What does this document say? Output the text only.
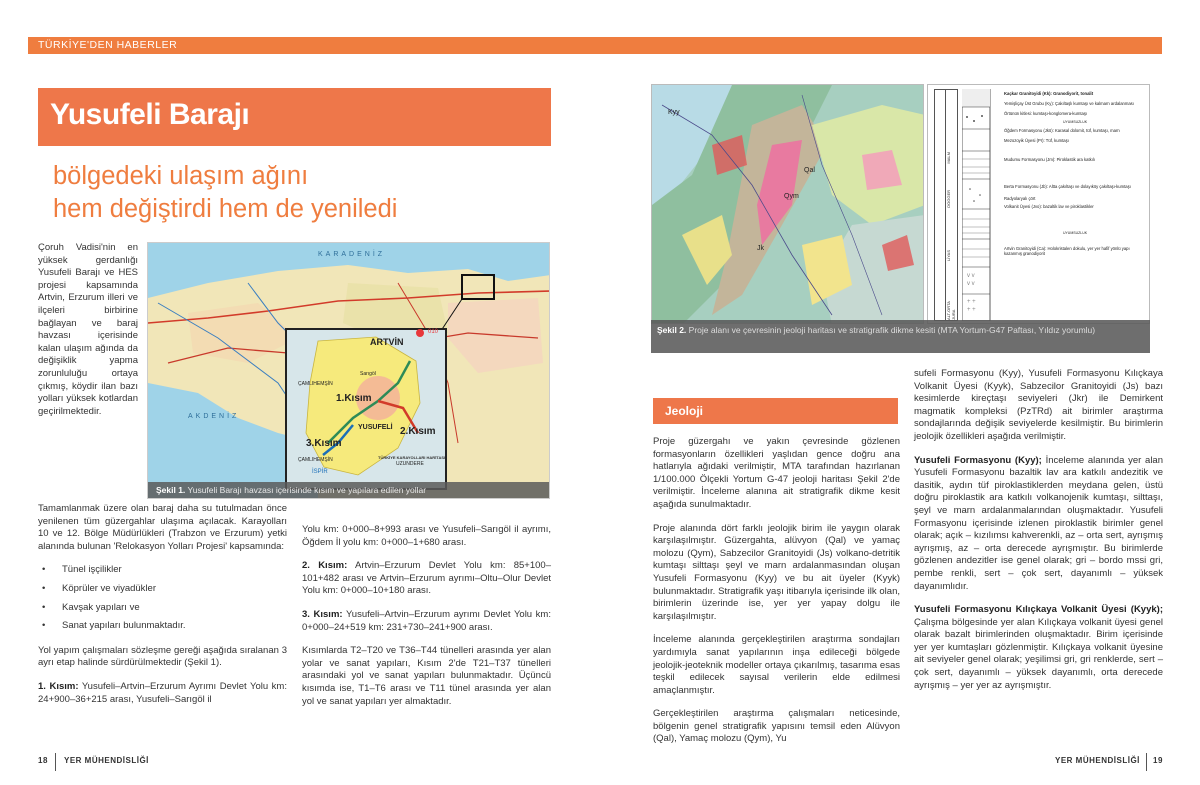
TÜRKİYE'DEN HABERLER
Yusufeli Barajı
bölgedeki ulaşım ağını
hem değiştirdi hem de yeniledi

Çoruh Vadisi'nin en yüksek gerdanlığı Yusufeli Barajı ve HES projesi kapsamında Artvin, Erzurum illeri ve ilçeleri birbirine bağlayan ve baraj havzası içerisinde kalan ulaşım ağında da değişiklik yapma zorunluluğu ortaya çıkmış, köydir ilan bazı yolları yüksek kotlardan geçirilmektedir.

KARADENİZ
AKDENİZ
ARTVİN
010
ÇAMLIHEMŞİN
Sarıgöl
YUSUFELİ
ÇAMLIHEMŞİN
UZUNDERE
İSPİR
1.Kısım
2.Kısım
3.Kısım
TÜRKİYE KARAYOLLARI HARİTASI
Şekil 1. Yusufeli Barajı havzası içerisinde kısım ve yapılara edilen yollar

Tamamlanmak üzere olan baraj daha su tutulmadan önce yenilenen tüm güzergahlar ulaşıma açılacak. Karayolları 10 ve 12. Bölge Müdürlükleri (Trabzon ve Erzurum) yetki alanında bulunan 'Relokasyon Yolları Projesi' kapsamında:

• Tünel işçilikler
• Köprüler ve viyadükler
• Kavşak yapıları ve
• Sanat yapıları bulunmaktadır.

Yol yapım çalışmaları sözleşme gereği aşağıda sıralanan 3 ayrı etap halinde sürdürülmektedir (Şekil 1).

1. Kısım: Yusufeli–Artvin–Erzurum Ayrımı Devlet Yolu km: 24+900–36+215 arası, Yusufeli–Sarıgöl il

Yolu km: 0+000–8+993 arası ve Yusufeli–Sarıgöl il ayrımı, Öğdem İl yolu km: 0+000–1+680 arası.

2. Kısım: Artvin–Erzurum Devlet Yolu km: 85+100–101+482 arası ve Artvin–Erzurum ayrımı–Oltu–Olur Devlet Yolu km: 0+000–10+180 arası.

3. Kısım: Yusufeli–Artvin–Erzurum ayrımı Devlet Yolu km: 0+000–24+519 km: 231+730–241+900 arası.

Kısımlarda T2–T20 ve T36–T44 tünelleri arasında yer alan yolar ve sanat yapıları, Kısım 2'de T21–T37 tünelleri arasındaki yol ve sanat yapıları bulunmaktadır. Üçüncü kısımda ise, T1–T6 arası ve T11 tünel arasında yer alan yol ve sanat yapıları yer almaktadır.

18 YER MÜHENDİSLİĞİ
Kyy
Qal
Qym
Jk
MALM
DOGGER
LİYAS
ALT-ORTA JURA	+ +
+ +
v v
v v
Kaçkar Granitoyidi (Kk): Granodiyorit, tonalit
Yemişliçay Üst Grubu (Ky): Çakıltaşlı kumtaşı ve kalmarn ardalanması
Örtünün kitlesi: kumtaşı-konglomera-kumtaşı
UYUMSUZLUK
Öğdem Formasyonu (Jkö): Karasal dolomit, tüf, kumtaşı, marn
Mezozoyik Üyesi (Pr): Tüf, kumtaşı
Mudumu Formasyonu (Jm): Piroklastik ara katkılı
Berta Formasyonu (Jb): Altta çakıltaşı ve dolayıköy çakıltaşı-kumtaşı
Radyolaryalı çört
Volkanit Üyesi (Jvo): bazaltik lav ve piroklastikler
UYUMSUZLUK
Artvin Granitoyidi (Ca): Holokristalen dokulu, yer yer hafif yönlü yapı kazanmış granodiyorit
Şekil 2. Proje alanı ve çevresinin jeoloji haritası ve stratigrafik dikme kesiti (MTA Yortum-G47 Paftası, Yıldız yorumlu)
Jeoloji

Proje güzergahı ve yakın çevresinde gözlenen formasyonların özellikleri yaşlıdan gence doğru ana hatlarıyla ağıdaki verilmiştir, MTA tarafından hazırlanan 1/100.000 Ölçekli Yortum G-47 jeoloji haritası Şekil 2'de verilmiştir. İnceleme alanına ait stratigrafik dikme kesit aşağıda sunulmaktadır.

Proje alanında dört farklı jeolojik birim ile yaygın olarak karşılaşılmıştır. Güzergahta, alüvyon (Qal) ve yamaç molozu (Qym), Sabzecilor Granitoyidi (Js) volkano-detritik kumtaşı silttaşı şeyl ve marn ardalanmasından oluşan Yusufeli Formasyonu (Kyy) ve bu ait üyeler (Kyyk) bulunmaktadır. Stratigrafik yaşı itibarıyla içerisinde ilk olan, birimlerin üzerinde ise, yer yer yapay dolgu ile karşılaşılmıştır.

İnceleme alanında gerçekleştirilen araştırma sondajları yardımıyla sanat yapılarının inşa edileceği bölgede jeolojik-jeoteknik modeller ortaya çıkarılmış, tasarıma esas teşkil edilecek sayısal verilerin elde edilmesi amaçlanmıştır.

Gerçekleştirilen araştırma çalışmaları neticesinde, bölgenin genel stratigrafik yapısını temsil eden Alüvyon (Qal), Yamaç molozu (Qym), Yu

sufeli Formasyonu (Kyy), Yusufeli Formasyonu Kılıçkaya Volkanit Üyesi (Kyyk), Sabzecilor Granitoyidi (Js) bazı kesimlerde kireçtaşı seviyeleri (Jkr) ile Demirkent magmatik kompleksi (PzTRd) ait birimler araştırma sondajlarında değişik seviyelerde kesilmiştir. Bu birimlerin jeolojik özellikleri aşağıda verilmiştir.

Yusufeli Formasyonu (Kyy); İnceleme alanında yer alan Yusufeli Formasyonu bazaltik lav ara katkılı andezitik ve dasitik, aydın tüf piroklastiklerden meydana gelen, üstü doğru piroklastik ara katkılı volkanojenik kumtaşı, silttaşı, şeyl ve marn ardalanmalarından oluşmaktadır. Yusufeli Formasyonu içerisinde izlenen piroklastik birimler genel olarak; açık – kızılımsı kahverenkli, az – orta sert, ayrışmış ayrışmış, az – orta derecede ayrışmıştır. Bu birimlerde gözlenen andezitler ise genel olarak; gri – bordo mssi gri, pembe renkli, sert – çok sert, dayanımlı – yüksek dayanımlıdır.

Yusufeli Formasyonu Kılıçkaya Volkanit Üyesi (Kyyk); Çalışma bölgesinde yer alan Kılıçkaya volkanit üyesi genel olarak bazalt birimlerinden oluşmaktadır. Birim içerisinde yer yer kumtaşları gözlenmiştir. Kılıçkaya volkanit üyesine ait seviyeler genel olarak; yeşilimsi gri, gri renklerde, sert – çok sert, dayanımlı – yüksek dayanımlı, orta derecede ayrışmış – yer yer az ayrışmıştır.

YER MÜHENDİSLİĞİ 19
